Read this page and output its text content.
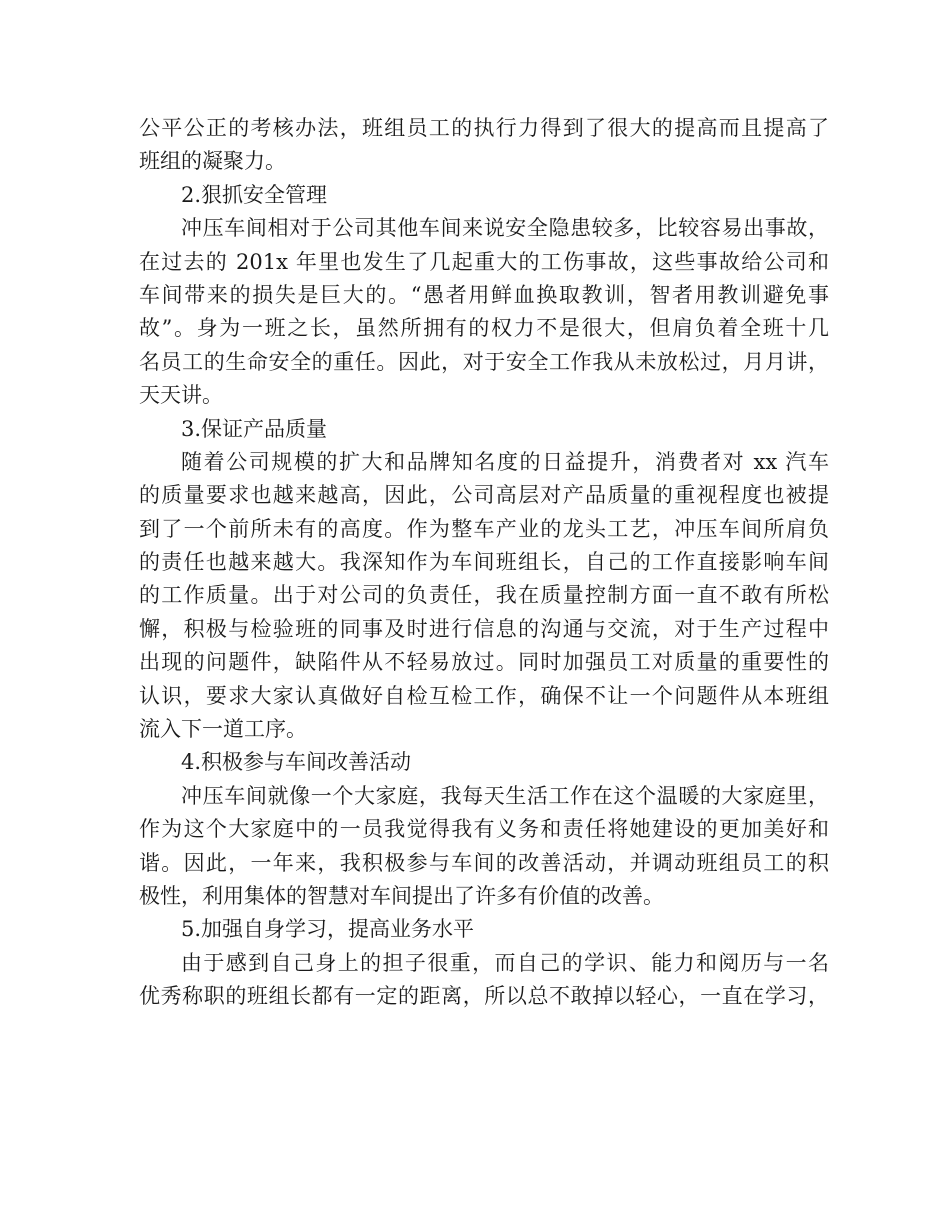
公平公正的考核办法，班组员工的执行力得到了很大的提高而且提高了
班组的凝聚力。
2.狠抓安全管理
冲压车间相对于公司其他车间来说安全隐患较多，比较容易出事故，
在过去的 201x 年里也发生了几起重大的工伤事故，这些事故给公司和
车间带来的损失是巨大的。“愚者用鲜血换取教训，智者用教训避免事
故”。身为一班之长，虽然所拥有的权力不是很大，但肩负着全班十几
名员工的生命安全的重任。因此，对于安全工作我从未放松过，月月讲，
天天讲。
3.保证产品质量
随着公司规模的扩大和品牌知名度的日益提升，消费者对 xx 汽车
的质量要求也越来越高，因此，公司高层对产品质量的重视程度也被提
到了一个前所未有的高度。作为整车产业的龙头工艺，冲压车间所肩负
的责任也越来越大。我深知作为车间班组长，自己的工作直接影响车间
的工作质量。出于对公司的负责任，我在质量控制方面一直不敢有所松
懈，积极与检验班的同事及时进行信息的沟通与交流，对于生产过程中
出现的问题件，缺陷件从不轻易放过。同时加强员工对质量的重要性的
认识，要求大家认真做好自检互检工作，确保不让一个问题件从本班组
流入下一道工序。
4.积极参与车间改善活动
冲压车间就像一个大家庭，我每天生活工作在这个温暖的大家庭里，
作为这个大家庭中的一员我觉得我有义务和责任将她建设的更加美好和
谐。因此，一年来，我积极参与车间的改善活动，并调动班组员工的积
极性，利用集体的智慧对车间提出了许多有价值的改善。
5.加强自身学习，提高业务水平
由于感到自己身上的担子很重，而自己的学识、能力和阅历与一名
优秀称职的班组长都有一定的距离，所以总不敢掉以轻心，一直在学习，
